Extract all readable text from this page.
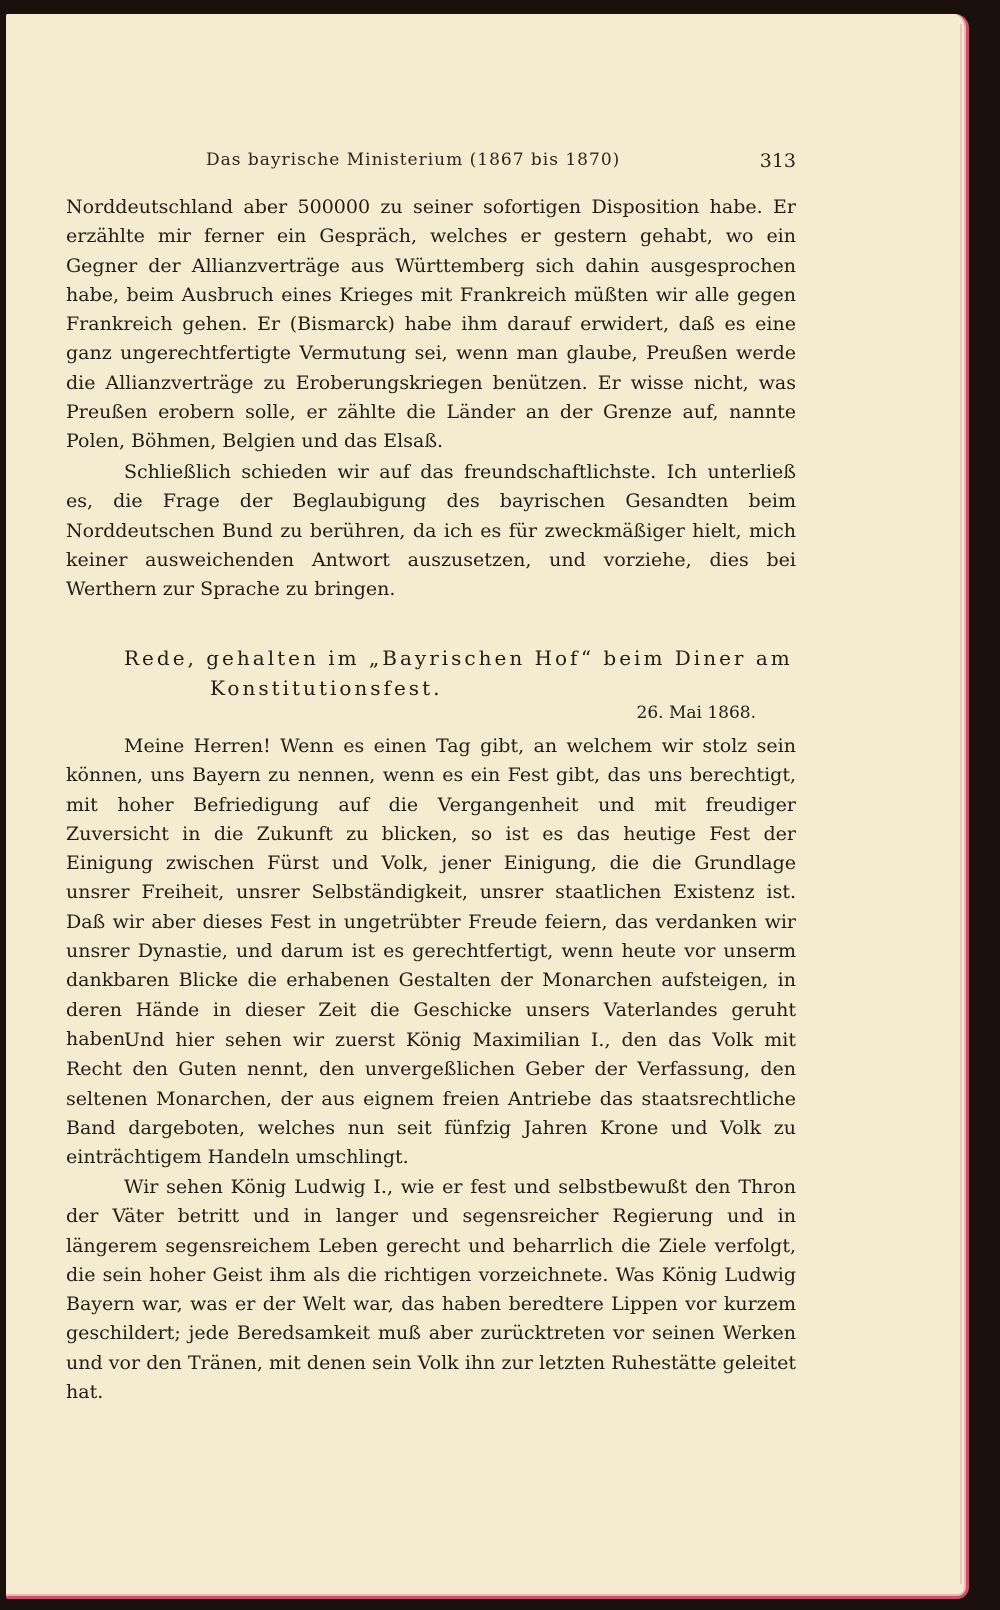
Das bayrische Ministerium (1867 bis 1870)	313

Norddeutschland aber 500000 zu seiner sofortigen Disposition habe. Er erzählte mir ferner ein Gespräch, welches er gestern gehabt, wo ein Gegner der Allianzverträge aus Württemberg sich dahin ausgesprochen habe, beim Ausbruch eines Krieges mit Frankreich müßten wir alle gegen Frankreich gehen. Er (Bismarck) habe ihm darauf erwidert, daß es eine ganz ungerechtfertigte Vermutung sei, wenn man glaube, Preußen werde die Allianzverträge zu Eroberungskriegen benützen. Er wisse nicht, was Preußen erobern solle, er zählte die Länder an der Grenze auf, nannte Polen, Böhmen, Belgien und das Elsaß.

Schließlich schieden wir auf das freundschaftlichste. Ich unterließ es, die Frage der Beglaubigung des bayrischen Gesandten beim Norddeutschen Bund zu berühren, da ich es für zweckmäßiger hielt, mich keiner ausweichenden Antwort auszusetzen, und vorziehe, dies bei Werthern zur Sprache zu bringen.

Rede, gehalten im „Bayrischen Hof“ beim Diner am
Konstitutionsfest.
26. Mai 1868.

Meine Herren! Wenn es einen Tag gibt, an welchem wir stolz sein können, uns Bayern zu nennen, wenn es ein Fest gibt, das uns berechtigt, mit hoher Befriedigung auf die Vergangenheit und mit freudiger Zuversicht in die Zukunft zu blicken, so ist es das heutige Fest der Einigung zwischen Fürst und Volk, jener Einigung, die die Grundlage unsrer Freiheit, unsrer Selbständigkeit, unsrer staatlichen Existenz ist. Daß wir aber dieses Fest in ungetrübter Freude feiern, das verdanken wir unsrer Dynastie, und darum ist es gerechtfertigt, wenn heute vor unserm dankbaren Blicke die erhabenen Gestalten der Monarchen aufsteigen, in deren Hände in dieser Zeit die Geschicke unsers Vaterlandes geruht haben.

Und hier sehen wir zuerst König Maximilian I., den das Volk mit Recht den Guten nennt, den unvergeßlichen Geber der Verfassung, den seltenen Monarchen, der aus eignem freien Antriebe das staatsrechtliche Band dargeboten, welches nun seit fünfzig Jahren Krone und Volk zu einträchtigem Handeln umschlingt.

Wir sehen König Ludwig I., wie er fest und selbstbewußt den Thron der Väter betritt und in langer und segensreicher Regierung und in längerem segensreichem Leben gerecht und beharrlich die Ziele verfolgt, die sein hoher Geist ihm als die richtigen vorzeichnete. Was König Ludwig Bayern war, was er der Welt war, das haben beredtere Lippen vor kurzem geschildert; jede Beredsamkeit muß aber zurücktreten vor seinen Werken und vor den Tränen, mit denen sein Volk ihn zur letzten Ruhestätte geleitet hat.
